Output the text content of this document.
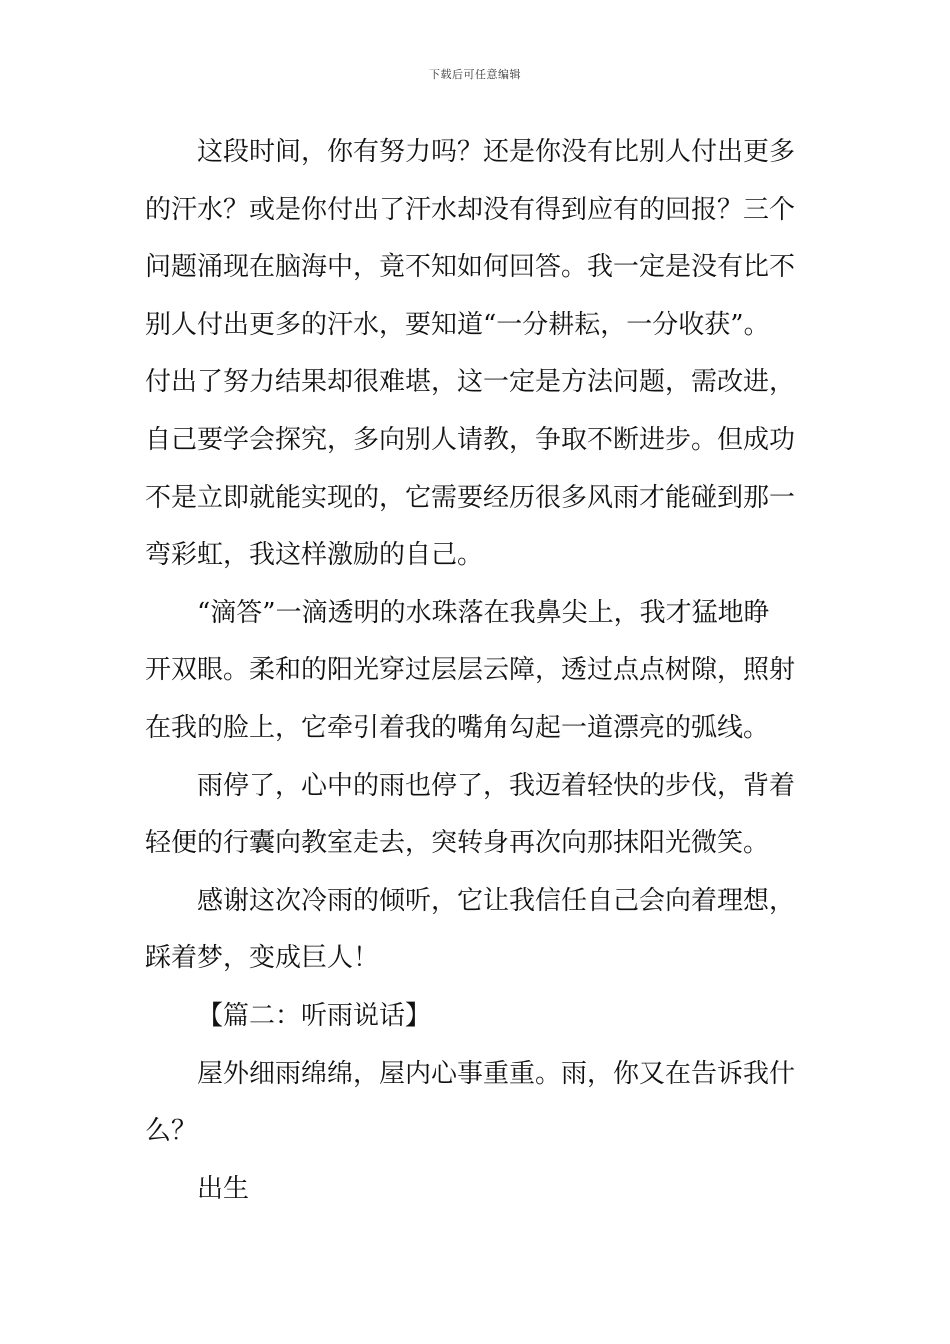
下载后可任意编辑
这段时间，你有努力吗？还是你没有比别人付出更多
的汗水？或是你付出了汗水却没有得到应有的回报？三个
问题涌现在脑海中，竟不知如何回答。我一定是没有比不
别人付出更多的汗水，要知道“一分耕耘，一分收获”。
付出了努力结果却很难堪，这一定是方法问题，需改进，
自己要学会探究，多向别人请教，争取不断进步。但成功
不是立即就能实现的，它需要经历很多风雨才能碰到那一
弯彩虹，我这样激励的自己。
“滴答”一滴透明的水珠落在我鼻尖上，我才猛地睁
开双眼。柔和的阳光穿过层层云障，透过点点树隙，照射
在我的脸上，它牵引着我的嘴角勾起一道漂亮的弧线。
雨停了，心中的雨也停了，我迈着轻快的步伐，背着
轻便的行囊向教室走去，突转身再次向那抹阳光微笑。
感谢这次冷雨的倾听，它让我信任自己会向着理想，
踩着梦，变成巨人！
【篇二：听雨说话】
屋外细雨绵绵，屋内心事重重。雨，你又在告诉我什
么？
出生
